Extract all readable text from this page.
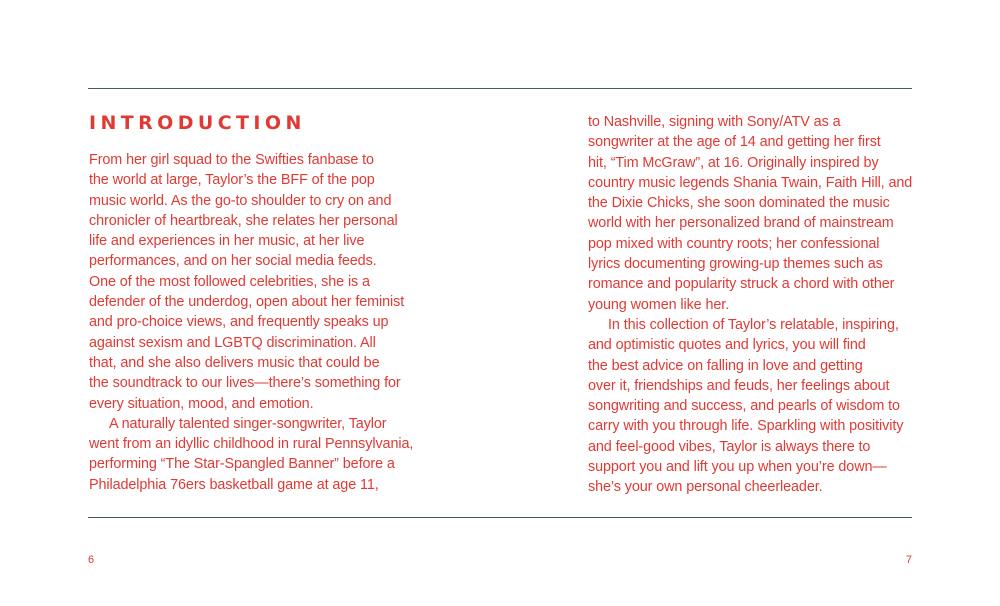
INTRODUCTION

From her girl squad to the Swifties fanbase to
the world at large, Taylor’s the BFF of the pop
music world. As the go-to shoulder to cry on and
chronicler of heartbreak, she relates her personal
life and experiences in her music, at her live
performances, and on her social media feeds.
One of the most followed celebrities, she is a
defender of the underdog, open about her feminist
and pro-choice views, and frequently speaks up
against sexism and LGBTQ discrimination. All
that, and she also delivers music that could be
the soundtrack to our lives—there’s something for
every situation, mood, and emotion.

A naturally talented singer-songwriter, Taylor
went from an idyllic childhood in rural Pennsylvania,
performing “The Star-Spangled Banner” before a
Philadelphia 76ers basketball game at age 11,

to Nashville, signing with Sony/ATV as a
songwriter at the age of 14 and getting her first
hit, “Tim McGraw”, at 16. Originally inspired by
country music legends Shania Twain, Faith Hill, and
the Dixie Chicks, she soon dominated the music
world with her personalized brand of mainstream
pop mixed with country roots; her confessional
lyrics documenting growing-up themes such as
romance and popularity struck a chord with other
young women like her.

In this collection of Taylor’s relatable, inspiring,
and optimistic quotes and lyrics, you will find
the best advice on falling in love and getting
over it, friendships and feuds, her feelings about
songwriting and success, and pearls of wisdom to
carry with you through life. Sparkling with positivity
and feel-good vibes, Taylor is always there to
support you and lift you up when you’re down—
she’s your own personal cheerleader.

6	7
